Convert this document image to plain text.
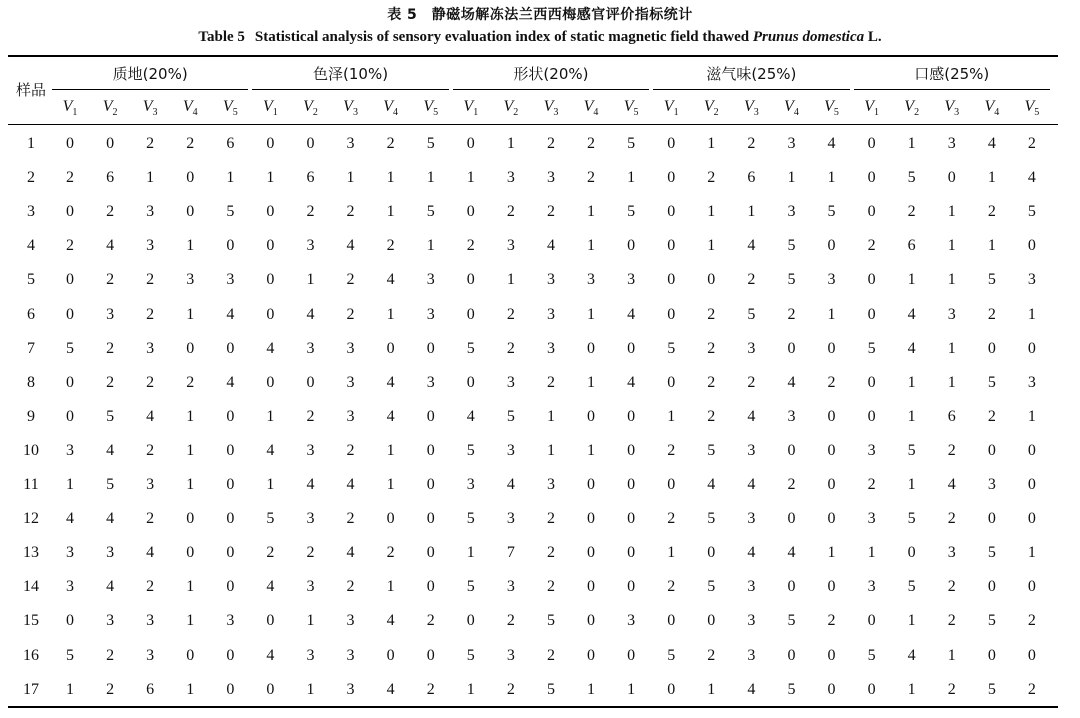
表 5　静磁场解冻法兰西西梅感官评价指标统计
Table 5 Statistical analysis of sensory evaluation index of static magnetic field thawed Prunus domestica L.
样品
质地(20%)
$V_1$	$V_2$	$V_3$	$V_4$	$V_5$
色泽(10%)
$V_1$	$V_2$	$V_3$	$V_4$	$V_5$
形状(20%)
$V_1$	$V_2$	$V_3$	$V_4$	$V_5$
滋气味(25%)
$V_1$	$V_2$	$V_3$	$V_4$	$V_5$
口感(25%)
$V_1$	$V_2$	$V_3$	$V_4$	$V_5$
1	0	0	2	2	6	0	0	3	2	5	0	1	2	2	5	0	1	2	3	4	0	1	3	4	2
2	2	6	1	0	1	1	6	1	1	1	1	3	3	2	1	0	2	6	1	1	0	5	0	1	4
3	0	2	3	0	5	0	2	2	1	5	0	2	2	1	5	0	1	1	3	5	0	2	1	2	5
4	2	4	3	1	0	0	3	4	2	1	2	3	4	1	0	0	1	4	5	0	2	6	1	1	0
5	0	2	2	3	3	0	1	2	4	3	0	1	3	3	3	0	0	2	5	3	0	1	1	5	3
6	0	3	2	1	4	0	4	2	1	3	0	2	3	1	4	0	2	5	2	1	0	4	3	2	1
7	5	2	3	0	0	4	3	3	0	0	5	2	3	0	0	5	2	3	0	0	5	4	1	0	0
8	0	2	2	2	4	0	0	3	4	3	0	3	2	1	4	0	2	2	4	2	0	1	1	5	3
9	0	5	4	1	0	1	2	3	4	0	4	5	1	0	0	1	2	4	3	0	0	1	6	2	1
10	3	4	2	1	0	4	3	2	1	0	5	3	1	1	0	2	5	3	0	0	3	5	2	0	0
11	1	5	3	1	0	1	4	4	1	0	3	4	3	0	0	0	4	4	2	0	2	1	4	3	0
12	4	4	2	0	0	5	3	2	0	0	5	3	2	0	0	2	5	3	0	0	3	5	2	0	0
13	3	3	4	0	0	2	2	4	2	0	1	7	2	0	0	1	0	4	4	1	1	0	3	5	1
14	3	4	2	1	0	4	3	2	1	0	5	3	2	0	0	2	5	3	0	0	3	5	2	0	0
15	0	3	3	1	3	0	1	3	4	2	0	2	5	0	3	0	0	3	5	2	0	1	2	5	2
16	5	2	3	0	0	4	3	3	0	0	5	3	2	0	0	5	2	3	0	0	5	4	1	0	0
17	1	2	6	1	0	0	1	3	4	2	1	2	5	1	1	0	1	4	5	0	0	1	2	5	2
